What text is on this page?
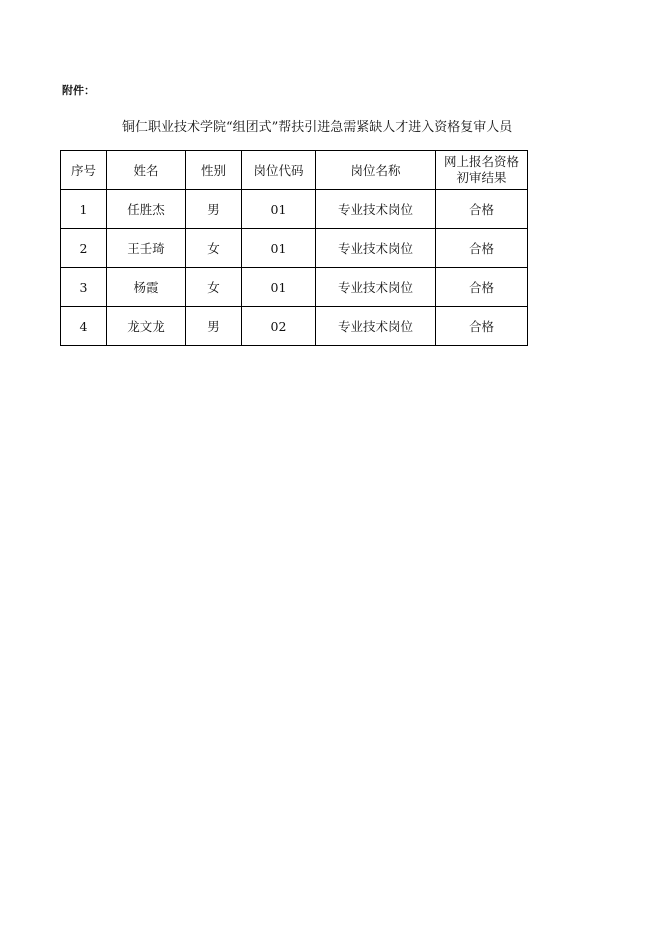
附件：
铜仁职业技术学院“组团式”帮扶引进急需紧缺人才进入资格复审人员
序号	姓名	性别	岗位代码	岗位名称	网上报名资格
初审结果
1	任胜杰	男	01	专业技术岗位	合格
2	王壬琦	女	01	专业技术岗位	合格
3	杨霞	女	01	专业技术岗位	合格
4	龙文龙	男	02	专业技术岗位	合格
